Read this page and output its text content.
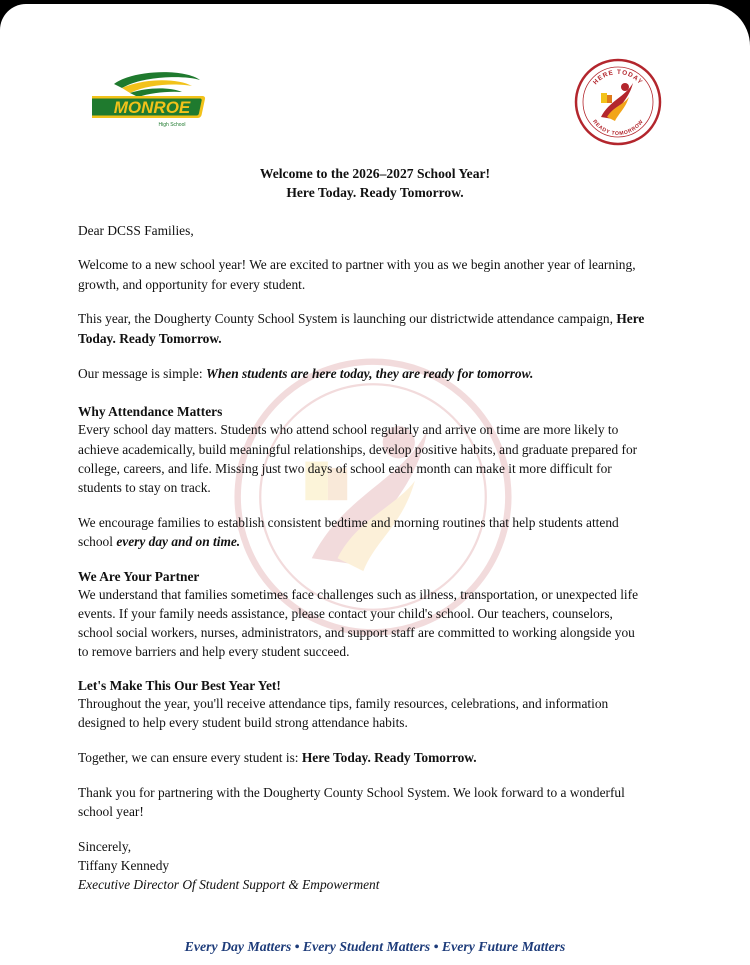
MONROE
High School
HERE TODAY
READY TOMORROW
Welcome to the 2026–2027 School Year!
Here Today. Ready Tomorrow.
Dear DCSS Families,
Welcome to a new school year! We are excited to partner with you as we begin another year of learning,
growth, and opportunity for every student.
This year, the Dougherty County School System is launching our districtwide attendance campaign, Here
Today. Ready Tomorrow.
Our message is simple: When students are here today, they are ready for tomorrow.
Why Attendance Matters
Every school day matters. Students who attend school regularly and arrive on time are more likely to
achieve academically, build meaningful relationships, develop positive habits, and graduate prepared for
college, careers, and life. Missing just two days of school each month can make it more difficult for
students to stay on track.
We encourage families to establish consistent bedtime and morning routines that help students attend
school every day and on time.
We Are Your Partner
We understand that families sometimes face challenges such as illness, transportation, or unexpected life
events. If your family needs assistance, please contact your child's school. Our teachers, counselors,
school social workers, nurses, administrators, and support staff are committed to working alongside you
to remove barriers and help every student succeed.
Let's Make This Our Best Year Yet!
Throughout the year, you'll receive attendance tips, family resources, celebrations, and information
designed to help every student build strong attendance habits.
Together, we can ensure every student is: Here Today. Ready Tomorrow.
Thank you for partnering with the Dougherty County School System. We look forward to a wonderful
school year!
Sincerely,
Tiffany Kennedy
Executive Director Of Student Support & Empowerment
Every Day Matters • Every Student Matters • Every Future Matters
